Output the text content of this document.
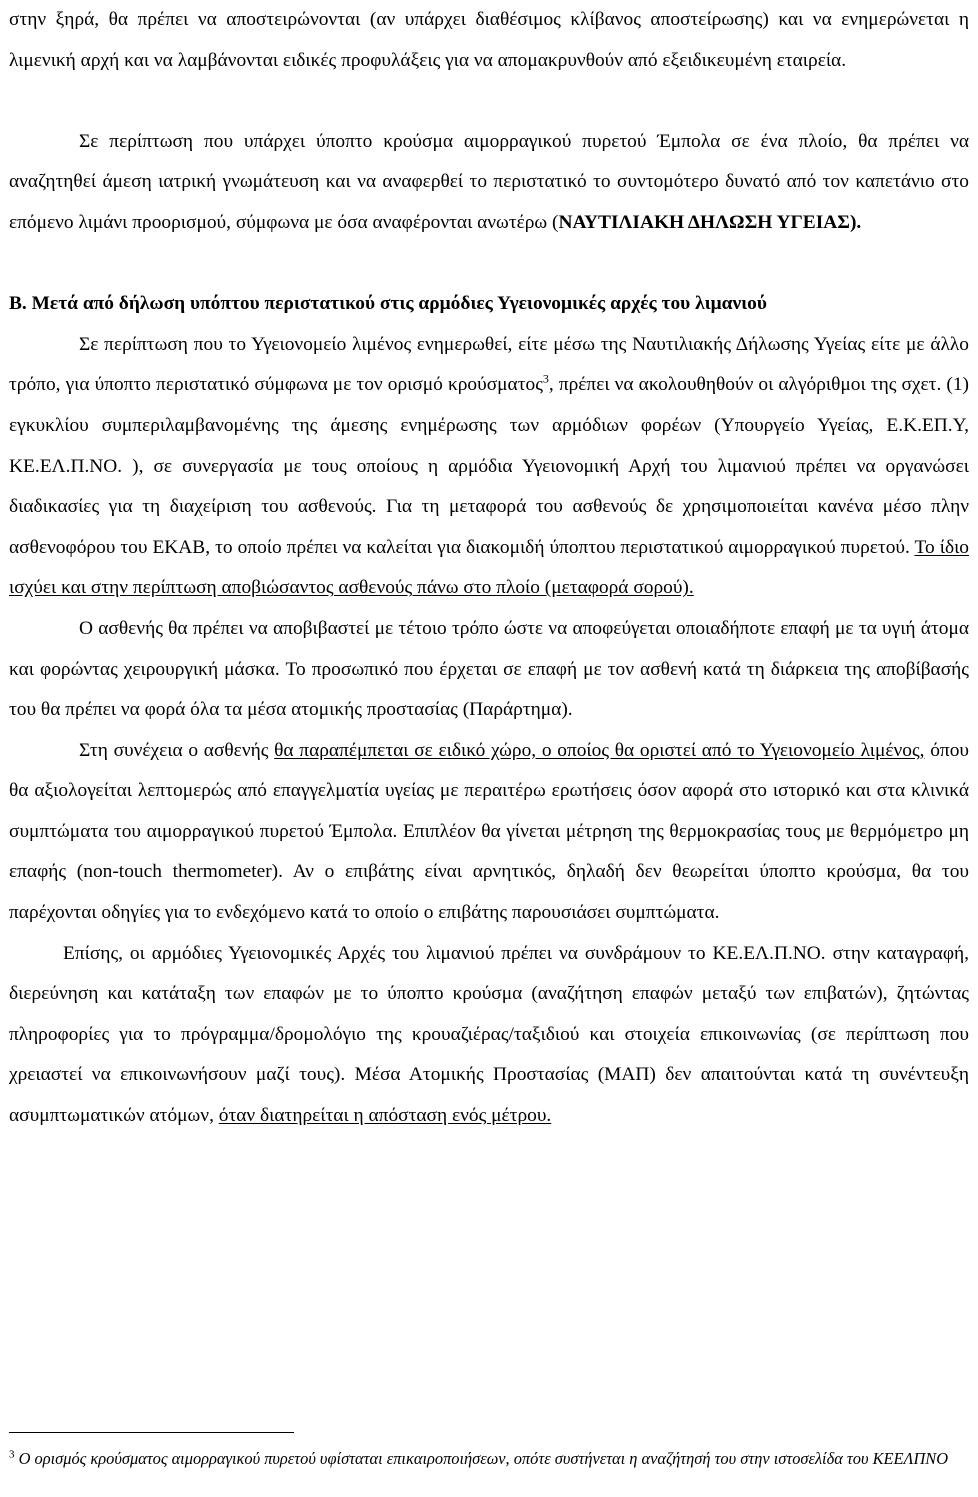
στην ξηρά, θα πρέπει να αποστειρώνονται (αν υπάρχει διαθέσιμος κλίβανος αποστείρωσης) και να ενημερώνεται η λιμενική αρχή και να λαμβάνονται ειδικές προφυλάξεις για να απομακρυνθούν από εξειδικευμένη εταιρεία.

Σε περίπτωση που υπάρχει ύποπτο κρούσμα αιμορραγικού πυρετού Έμπολα σε ένα πλοίο, θα πρέπει να αναζητηθεί άμεση ιατρική γνωμάτευση και να αναφερθεί το περιστατικό το συντομότερο δυνατό από τον καπετάνιο στο επόμενο λιμάνι προορισμού, σύμφωνα με όσα αναφέρονται ανωτέρω (ΝΑΥΤΙΛΙΑΚΗ ΔΗΛΩΣΗ ΥΓΕΙΑΣ).

Β. Μετά από δήλωση υπόπτου περιστατικού στις αρμόδιες Υγειονομικές αρχές του λιμανιού

Σε περίπτωση που το Υγειονομείο λιμένος ενημερωθεί, είτε μέσω της Ναυτιλιακής Δήλωσης Υγείας είτε με άλλο τρόπο, για ύποπτο περιστατικό σύμφωνα με τον ορισμό κρούσματος$^3$, πρέπει να ακολουθηθούν οι αλγόριθμοι της σχετ. (1) εγκυκλίου συμπεριλαμβανομένης της άμεσης ενημέρωσης των αρμόδιων φορέων (Υπουργείο Υγείας, Ε.Κ.ΕΠ.Υ, ΚΕ.ΕΛ.Π.ΝΟ. ), σε συνεργασία με τους οποίους η αρμόδια Υγειονομική Αρχή του λιμανιού πρέπει να οργανώσει διαδικασίες για τη διαχείριση του ασθενούς. Για τη μεταφορά του ασθενούς δε χρησιμοποιείται κανένα μέσο πλην ασθενοφόρου του ΕΚΑΒ, το οποίο πρέπει να καλείται για διακομιδή ύποπτου περιστατικού αιμορραγικού πυρετού. Το ίδιο ισχύει και στην περίπτωση αποβιώσαντος ασθενούς πάνω στο πλοίο (μεταφορά σορού).

Ο ασθενής θα πρέπει να αποβιβαστεί με τέτοιο τρόπο ώστε να αποφεύγεται οποιαδήποτε επαφή με τα υγιή άτομα και φορώντας χειρουργική μάσκα. Το προσωπικό που έρχεται σε επαφή με τον ασθενή κατά τη διάρκεια της αποβίβασής του θα πρέπει να φορά όλα τα μέσα ατομικής προστασίας (Παράρτημα).

Στη συνέχεια ο ασθενής θα παραπέμπεται σε ειδικό χώρο, ο οποίος θα οριστεί από το Υγειονομείο λιμένος, όπου θα αξιολογείται λεπτομερώς από επαγγελματία υγείας με περαιτέρω ερωτήσεις όσον αφορά στο ιστορικό και στα κλινικά συμπτώματα του αιμορραγικού πυρετού Έμπολα. Επιπλέον θα γίνεται μέτρηση της θερμοκρασίας τους με θερμόμετρο μη επαφής (non-touch thermometer). Αν ο επιβάτης είναι αρνητικός, δηλαδή δεν θεωρείται ύποπτο κρούσμα, θα του παρέχονται οδηγίες για το ενδεχόμενο κατά το οποίο ο επιβάτης παρουσιάσει συμπτώματα.

Επίσης, οι αρμόδιες Υγειονομικές Αρχές του λιμανιού πρέπει να συνδράμουν το ΚΕ.ΕΛ.Π.ΝΟ. στην καταγραφή, διερεύνηση και κατάταξη των επαφών με το ύποπτο κρούσμα (αναζήτηση επαφών μεταξύ των επιβατών), ζητώντας πληροφορίες για το πρόγραμμα/δρομολόγιο της κρουαζιέρας/ταξιδιού και στοιχεία επικοινωνίας (σε περίπτωση που χρειαστεί να επικοινωνήσουν μαζί τους). Μέσα Ατομικής Προστασίας (ΜΑΠ) δεν απαιτούνται κατά τη συνέντευξη ασυμπτωματικών ατόμων, όταν διατηρείται η απόσταση ενός μέτρου.

$^3$ Ο ορισμός κρούσματος αιμορραγικού πυρετού υφίσταται επικαιροποιήσεων, οπότε συστήνεται η αναζήτησή του στην ιστοσελίδα του ΚΕΕΛΠΝΟ
